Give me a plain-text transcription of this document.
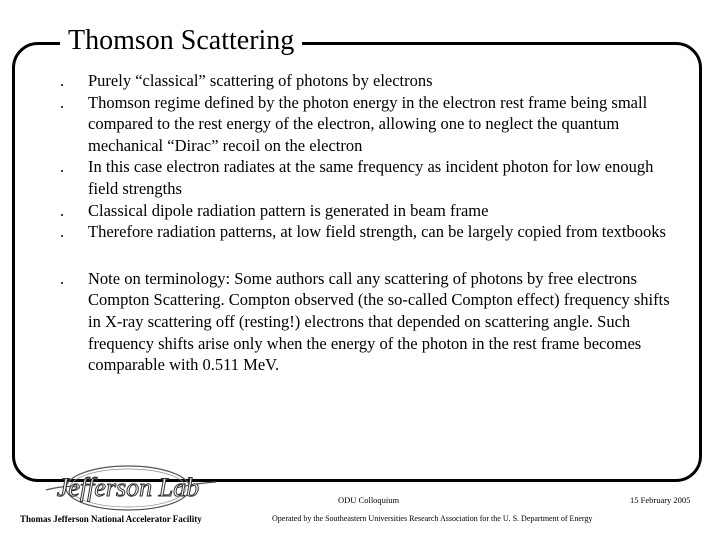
Thomson Scattering
. Purely “classical” scattering of photons by electrons
. Thomson regime defined by the photon energy in the electron rest frame being small compared to the rest energy of the electron, allowing one to neglect the quantum mechanical “Dirac” recoil on the electron
. In this case electron radiates at the same frequency as incident photon for low enough field strengths
. Classical dipole radiation pattern is generated in beam frame
. Therefore radiation patterns, at low field strength, can be largely copied from textbooks
. Note on terminology: Some authors call any scattering of photons by free electrons Compton Scattering. Compton observed (the so-called Compton effect) frequency shifts in X-ray scattering off (resting!) electrons that depended on scattering angle. Such frequency shifts arise only when the energy of the photon in the rest frame becomes comparable with 0.511 MeV.
Jefferson Lab
Thomas Jefferson National Accelerator Facility
ODU Colloquium	15 February 2005
Operated by the Southeastern Universities Research Association for the U. S. Department of Energy
